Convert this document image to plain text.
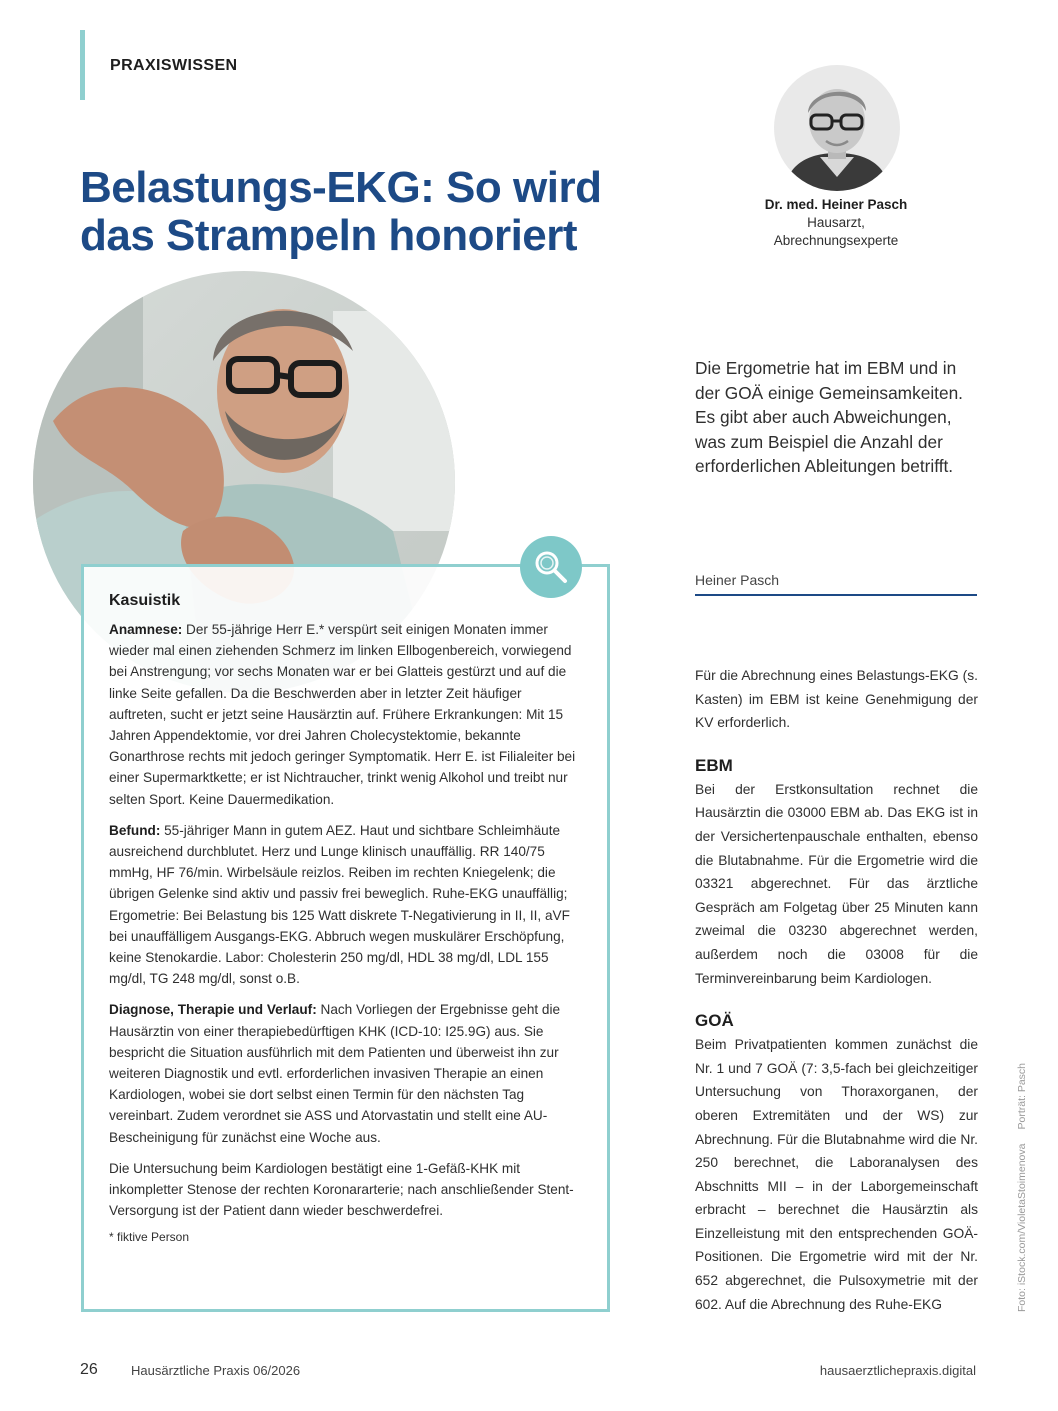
PRAXISWISSEN
Belastungs-EKG: So wird
das Strampeln honoriert
Dr. med. Heiner Pasch
Hausarzt,
Abrechnungsexperte
Die Ergometrie hat im EBM und in der GOÄ einige Gemeinsamkeiten. Es gibt aber auch Abweichungen, was zum Beispiel die Anzahl der erforderlichen Ableitungen betrifft.
Heiner Pasch
Kasuistik

Anamnese: Der 55-jährige Herr E.* verspürt seit einigen Monaten immer wieder mal einen ziehenden Schmerz im linken Ellbogenbereich, vorwiegend bei Anstrengung; vor sechs Monaten war er bei Glatteis gestürzt und auf die linke Seite gefallen. Da die Beschwerden aber in letzter Zeit häufiger auftreten, sucht er jetzt seine Hausärztin auf. Frühere Erkrankungen: Mit 15 Jahren Appendektomie, vor drei Jahren Cholecystektomie, bekannte Gonarthrose rechts mit jedoch geringer Symptomatik. Herr E. ist Filialeiter bei einer Supermarktkette; er ist Nichtraucher, trinkt wenig Alkohol und treibt nur selten Sport. Keine Dauermedikation.

Befund: 55-jähriger Mann in gutem AEZ. Haut und sichtbare Schleimhäute ausreichend durchblutet. Herz und Lunge klinisch unauffällig. RR 140/75 mmHg, HF 76/min. Wirbelsäule reizlos. Reiben im rechten Kniegelenk; die übrigen Gelenke sind aktiv und passiv frei beweglich. Ruhe-EKG unauffällig; Ergometrie: Bei Belastung bis 125 Watt diskrete T-Negativierung in II, II, aVF bei unauffälligem Ausgangs-EKG. Abbruch wegen muskulärer Erschöpfung, keine Stenokardie. Labor: Cholesterin 250 mg/dl, HDL 38 mg/dl, LDL 155 mg/dl, TG 248 mg/dl, sonst o.B.

Diagnose, Therapie und Verlauf: Nach Vorliegen der Ergebnisse geht die Hausärztin von einer therapiebedürftigen KHK (ICD-10: I25.9G) aus. Sie bespricht die Situation ausführlich mit dem Patienten und überweist ihn zur weiteren Diagnostik und evtl. erforderlichen invasiven Therapie an einen Kardiologen, wobei sie dort selbst einen Termin für den nächsten Tag vereinbart. Zudem verordnet sie ASS und Atorvastatin und stellt eine AU-Bescheinigung für zunächst eine Woche aus.

Die Untersuchung beim Kardiologen bestätigt eine 1-Gefäß-KHK mit inkompletter Stenose der rechten Koronararterie; nach anschließender Stent-Versorgung ist der Patient dann wieder beschwerdefrei.

* fiktive Person

Für die Abrechnung eines Belastungs-EKG (s. Kasten) im EBM ist keine Genehmigung der KV erforderlich.

EBM

Bei der Erstkonsultation rechnet die Hausärztin die 03000 EBM ab. Das EKG ist in der Versichertenpauschale enthalten, ebenso die Blutabnahme. Für die Ergometrie wird die 03321 abgerechnet. Für das ärztliche Gespräch am Folgetag über 25 Minuten kann zweimal die 03230 abgerechnet werden, außerdem noch die 03008 für die Terminvereinbarung beim Kardiologen.

GOÄ

Beim Privatpatienten kommen zunächst die Nr. 1 und 7 GOÄ (7: 3,5-fach bei gleichzeitiger Untersuchung von Thoraxorganen, der oberen Extremitäten und der WS) zur Abrechnung. Für die Blutabnahme wird die Nr. 250 berechnet, die Laboranalysen des Abschnitts MII – in der Laborgemeinschaft erbracht – berechnet die Hausärztin als Einzelleistung mit den entsprechenden GOÄ-Positionen. Die Ergometrie wird mit der Nr. 652 abgerechnet, die Pulsoxymetrie mit der 602. Auf die Abrechnung des Ruhe-EKG	Foto: iStock.com/VioletaStoimenovaPorträt: Pasch
26	Hausärztliche Praxis 06/2026	hausaerztlichepraxis.digital
